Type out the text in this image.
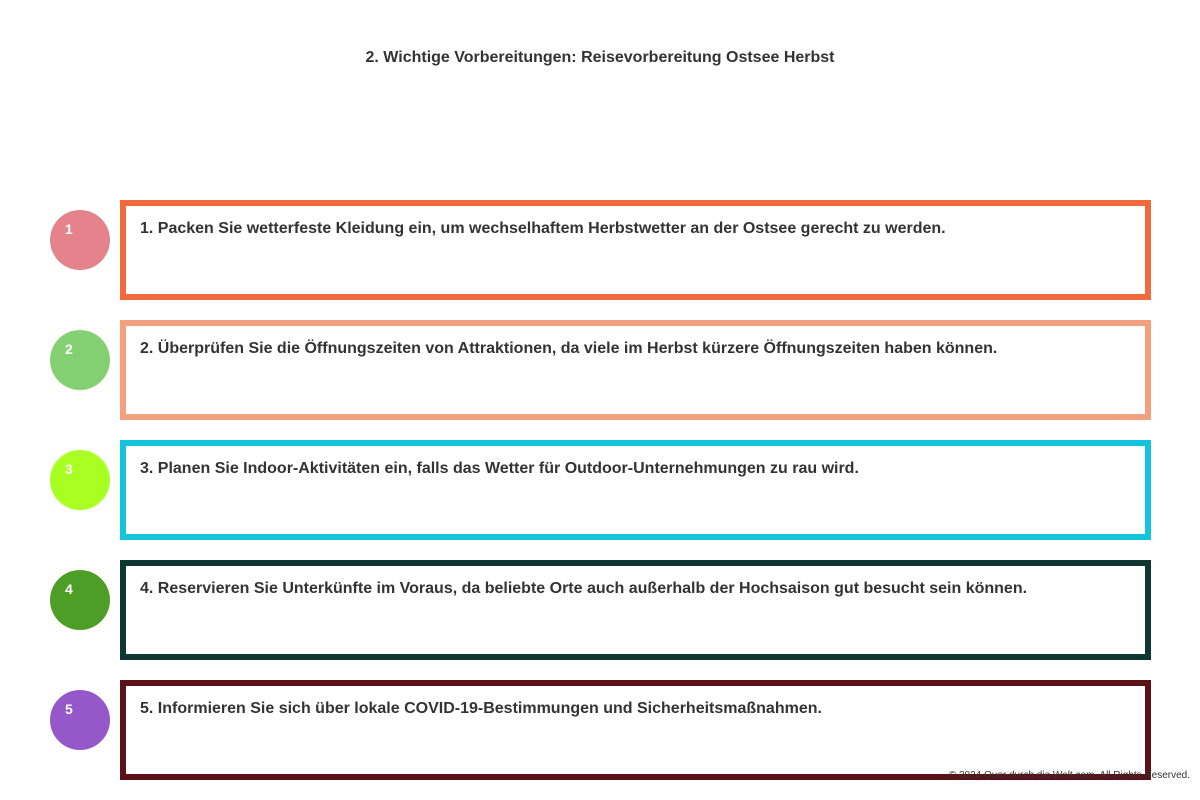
2. Wichtige Vorbereitungen: Reisevorbereitung Ostsee Herbst
1	1. Packen Sie wetterfeste Kleidung ein, um wechselhaftem Herbstwetter an der Ostsee gerecht zu werden.
2	2. Überprüfen Sie die Öffnungszeiten von Attraktionen, da viele im Herbst kürzere Öffnungszeiten haben können.
3	3. Planen Sie Indoor-Aktivitäten ein, falls das Wetter für Outdoor-Unternehmungen zu rau wird.
4	4. Reservieren Sie Unterkünfte im Voraus, da beliebte Orte auch außerhalb der Hochsaison gut besucht sein können.
5	5. Informieren Sie sich über lokale COVID-19-Bestimmungen und Sicherheitsmaßnahmen.
© 2024 Quer durch die Welt.com. All Rights Reserved.
